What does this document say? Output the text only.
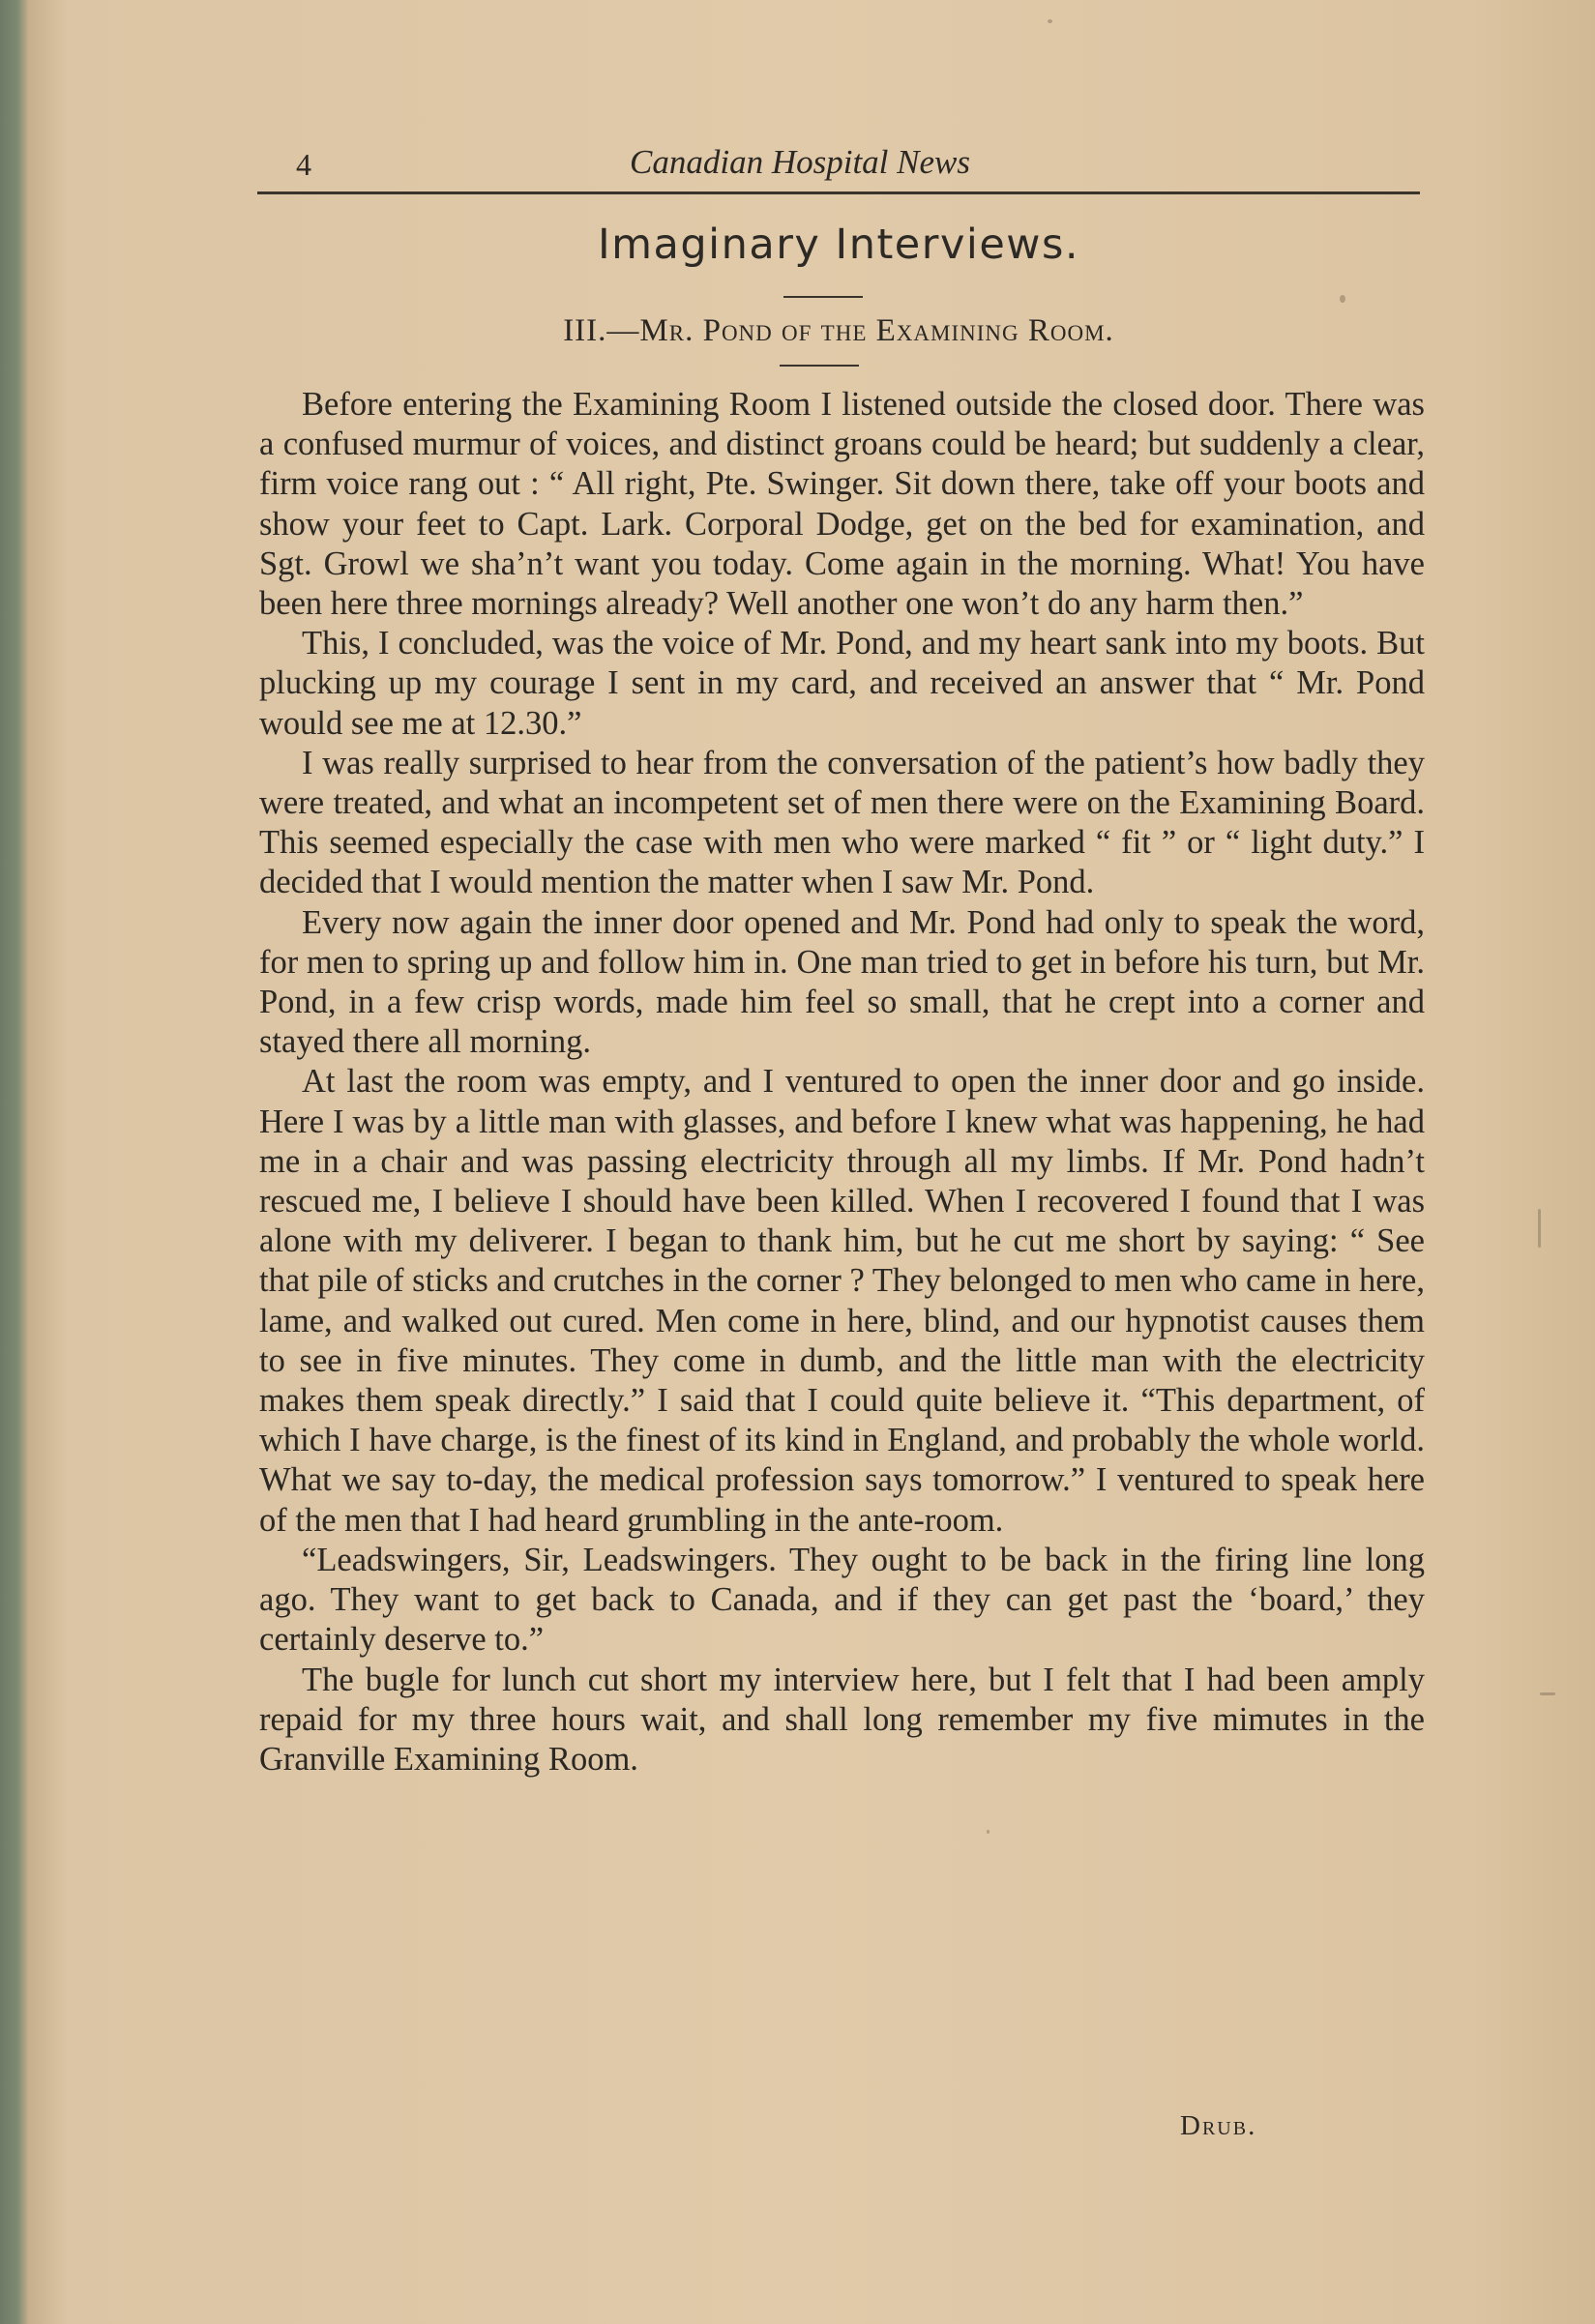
4	Canadian Hospital News
Imaginary Interviews.
III.—Mr. Pond of the Examining Room.

Before entering the Examining Room I listened outside the closed door. There was a confused murmur of voices, and distinct groans could be heard; but suddenly a clear, firm voice rang out : “ All right, Pte. Swinger. Sit down there, take off your boots and show your feet to Capt. Lark. Corporal Dodge, get on the bed for examination, and Sgt. Growl we sha’n’t want you today. Come again in the morning. What! You have been here three mornings already? Well another one won’t do any harm then.”

This, I concluded, was the voice of Mr. Pond, and my heart sank into my boots. But plucking up my courage I sent in my card, and received an answer that “ Mr. Pond would see me at 12.30.”

I was really surprised to hear from the conversation of the patient’s how badly they were treated, and what an incompetent set of men there were on the Examining Board. This seemed especially the case with men who were marked “ fit ” or “ light duty.” I decided that I would mention the matter when I saw Mr. Pond.

Every now again the inner door opened and Mr. Pond had only to speak the word, for men to spring up and follow him in. One man tried to get in before his turn, but Mr. Pond, in a few crisp words, made him feel so small, that he crept into a corner and stayed there all morning.

At last the room was empty, and I ventured to open the inner door and go inside. Here I was by a little man with glasses, and before I knew what was happening, he had me in a chair and was passing electricity through all my limbs. If Mr. Pond hadn’t rescued me, I believe I should have been killed. When I recovered I found that I was alone with my deliverer. I began to thank him, but he cut me short by saying: “ See that pile of sticks and crutches in the corner ? They belonged to men who came in here, lame, and walked out cured. Men come in here, blind, and our hypnotist causes them to see in five minutes. They come in dumb, and the little man with the electricity makes them speak directly.” I said that I could quite believe it. “This department, of which I have charge, is the finest of its kind in England, and probably the whole world. What we say to-day, the medical profession says tomorrow.” I ventured to speak here of the men that I had heard grumbling in the ante-room.

“Leadswingers, Sir, Leadswingers. They ought to be back in the firing line long ago. They want to get back to Canada, and if they can get past the ‘board,’ they certainly deserve to.”

The bugle for lunch cut short my interview here, but I felt that I had been amply repaid for my three hours wait, and shall long remember my five mimutes in the Granville Examining Room.

Drub.
